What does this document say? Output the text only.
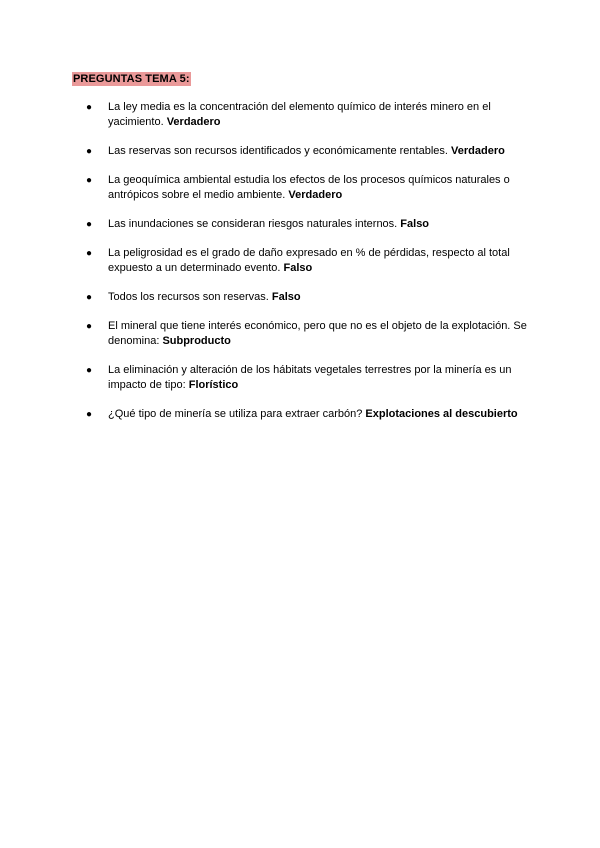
PREGUNTAS TEMA 5:
● La ley media es la concentración del elemento químico de interés minero en el yacimiento. Verdadero
● Las reservas son recursos identificados y económicamente rentables. Verdadero
● La geoquímica ambiental estudia los efectos de los procesos químicos naturales o antrópicos sobre el medio ambiente. Verdadero
● Las inundaciones se consideran riesgos naturales internos. Falso
● La peligrosidad es el grado de daño expresado en % de pérdidas, respecto al total expuesto a un determinado evento. Falso
● Todos los recursos son reservas. Falso
● El mineral que tiene interés económico, pero que no es el objeto de la explotación. Se denomina: Subproducto
● La eliminación y alteración de los hábitats vegetales terrestres por la minería es un impacto de tipo: Florístico
● ¿Qué tipo de minería se utiliza para extraer carbón? Explotaciones al descubierto
